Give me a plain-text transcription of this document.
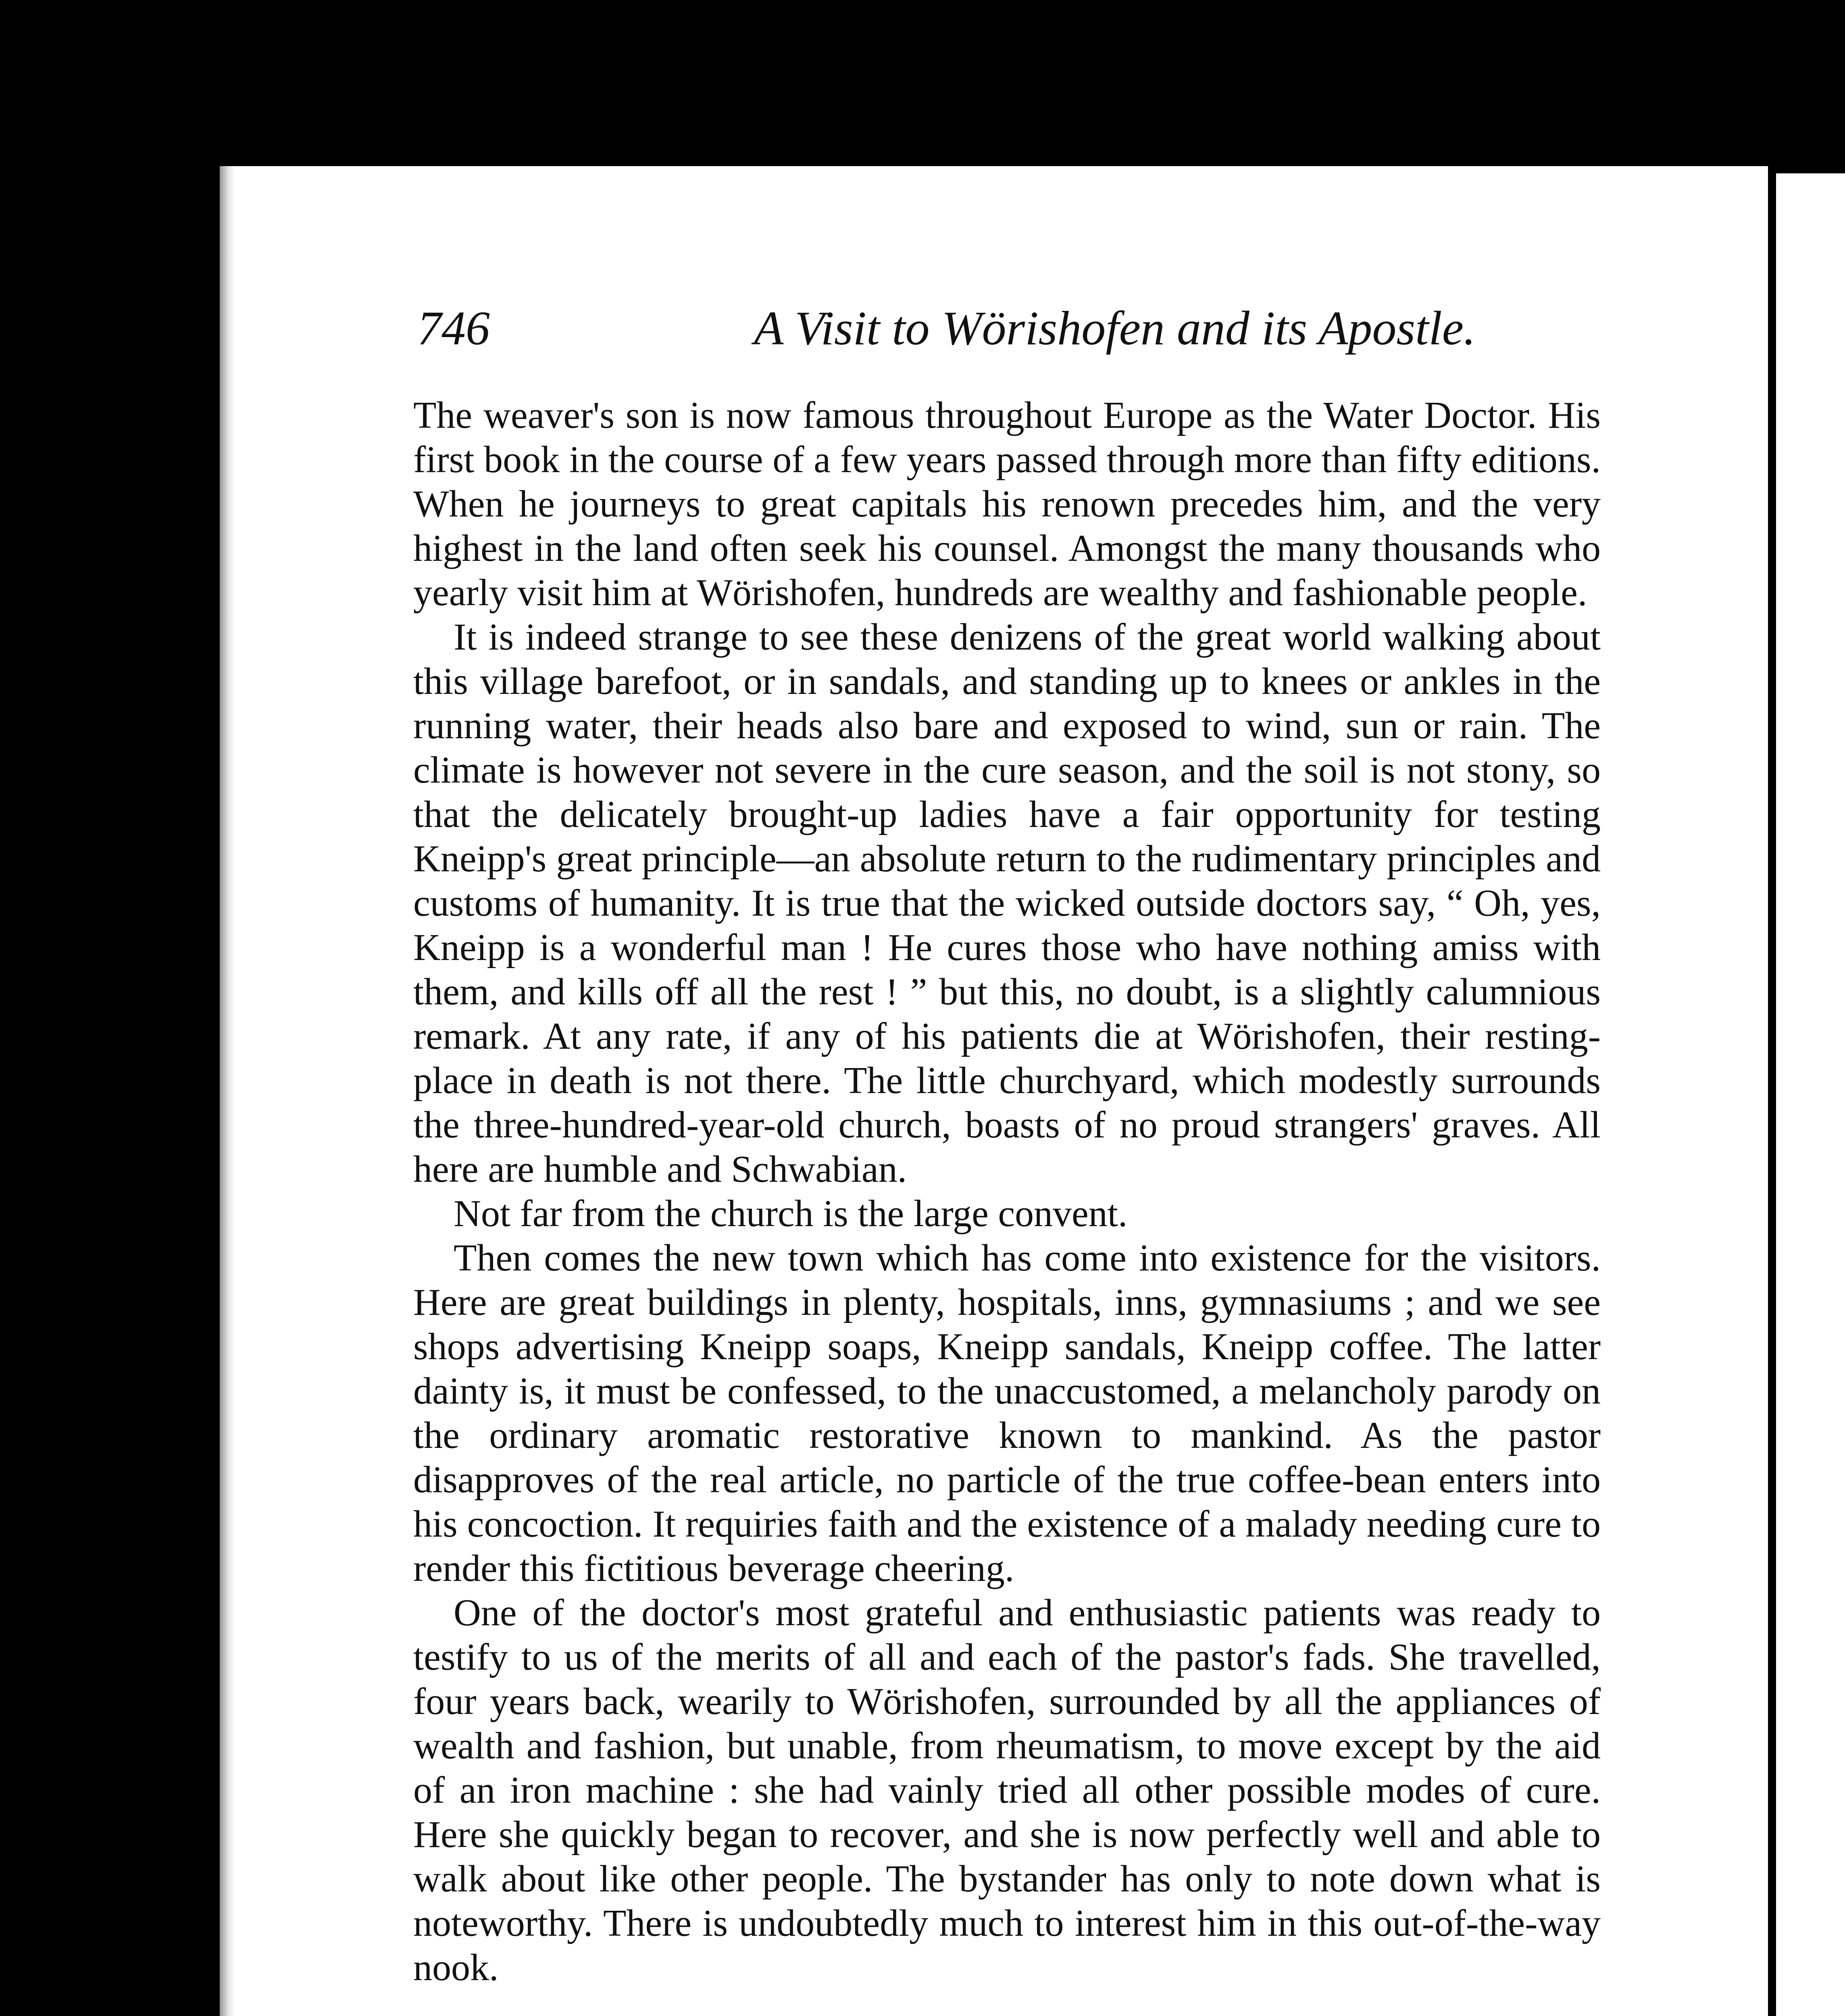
746	A Visit to Wörishofen and its Apostle.

The weaver's son is now famous throughout Europe as the Water Doctor. His first book in the course of a few years passed through more than fifty editions. When he journeys to great capitals his renown precedes him, and the very highest in the land often seek his counsel. Amongst the many thousands who yearly visit him at Wörishofen, hundreds are wealthy and fashionable people.

It is indeed strange to see these denizens of the great world walking about this village barefoot, or in sandals, and standing up to knees or ankles in the running water, their heads also bare and exposed to wind, sun or rain. The climate is however not severe in the cure season, and the soil is not stony, so that the delicately brought-up ladies have a fair opportunity for testing Kneipp's great principle—an absolute return to the rudimentary principles and customs of humanity. It is true that the wicked outside doctors say, “ Oh, yes, Kneipp is a wonderful man ! He cures those who have nothing amiss with them, and kills off all the rest ! ” but this, no doubt, is a slightly calumnious remark. At any rate, if any of his patients die at Wörishofen, their resting-place in death is not there. The little churchyard, which modestly surrounds the three-hundred-year-old church, boasts of no proud strangers' graves. All here are humble and Schwabian.

Not far from the church is the large convent.

Then comes the new town which has come into existence for the visitors. Here are great buildings in plenty, hospitals, inns, gymnasiums ; and we see shops advertising Kneipp soaps, Kneipp sandals, Kneipp coffee. The latter dainty is, it must be confessed, to the unaccustomed, a melancholy parody on the ordinary aromatic restorative known to mankind. As the pastor disapproves of the real article, no particle of the true coffee-bean enters into his concoction. It requiries faith and the existence of a malady needing cure to render this fictitious beverage cheering.

One of the doctor's most grateful and enthusiastic patients was ready to testify to us of the merits of all and each of the pastor's fads. She travelled, four years back, wearily to Wörishofen, surrounded by all the appliances of wealth and fashion, but unable, from rheumatism, to move except by the aid of an iron machine : she had vainly tried all other possible modes of cure. Here she quickly began to recover, and she is now perfectly well and able to walk about like other people. The bystander has only to note down what is noteworthy. There is undoubtedly much to interest him in this out-of-the-way nook.
